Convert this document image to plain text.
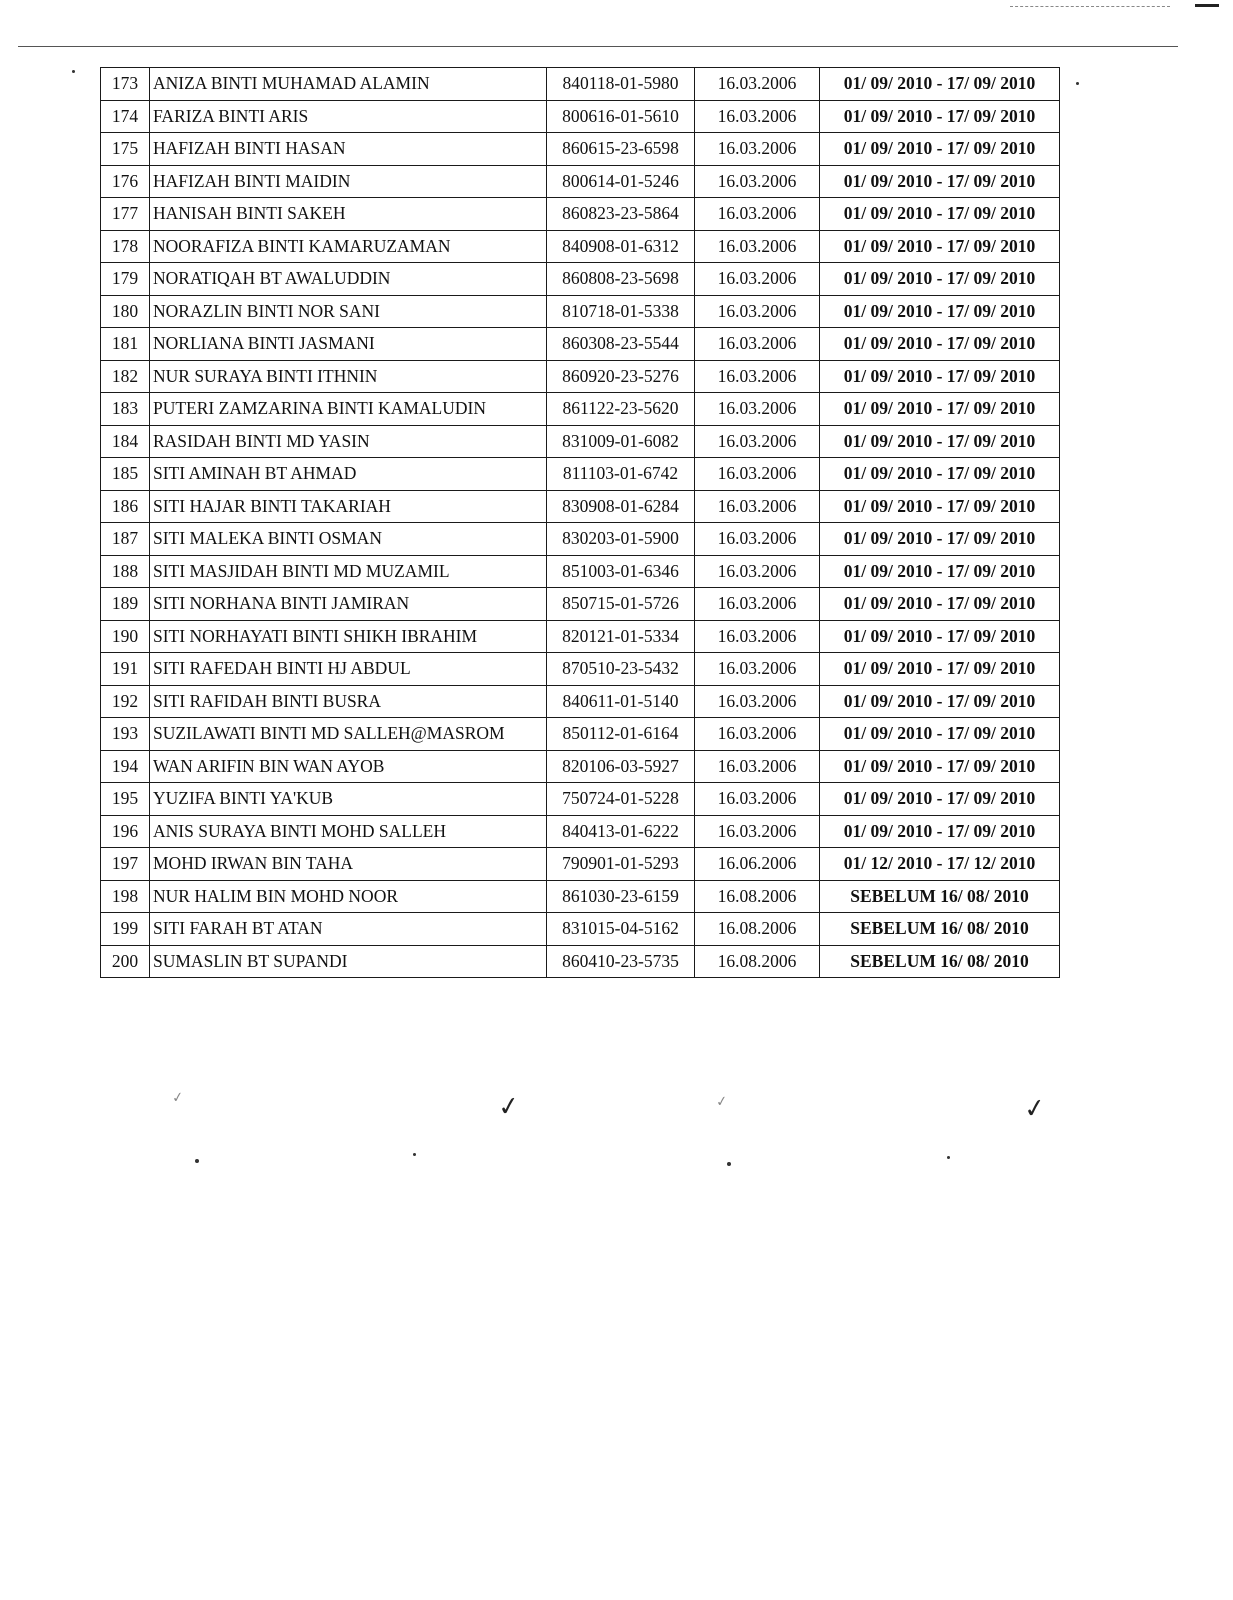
173	ANIZA BINTI MUHAMAD ALAMIN	840118-01-5980	16.03.2006	01/ 09/ 2010 - 17/ 09/ 2010
174	FARIZA BINTI ARIS	800616-01-5610	16.03.2006	01/ 09/ 2010 - 17/ 09/ 2010
175	HAFIZAH BINTI HASAN	860615-23-6598	16.03.2006	01/ 09/ 2010 - 17/ 09/ 2010
176	HAFIZAH BINTI MAIDIN	800614-01-5246	16.03.2006	01/ 09/ 2010 - 17/ 09/ 2010
177	HANISAH BINTI SAKEH	860823-23-5864	16.03.2006	01/ 09/ 2010 - 17/ 09/ 2010
178	NOORAFIZA BINTI KAMARUZAMAN	840908-01-6312	16.03.2006	01/ 09/ 2010 - 17/ 09/ 2010
179	NORATIQAH BT AWALUDDIN	860808-23-5698	16.03.2006	01/ 09/ 2010 - 17/ 09/ 2010
180	NORAZLIN BINTI NOR SANI	810718-01-5338	16.03.2006	01/ 09/ 2010 - 17/ 09/ 2010
181	NORLIANA BINTI JASMANI	860308-23-5544	16.03.2006	01/ 09/ 2010 - 17/ 09/ 2010
182	NUR SURAYA BINTI ITHNIN	860920-23-5276	16.03.2006	01/ 09/ 2010 - 17/ 09/ 2010
183	PUTERI ZAMZARINA BINTI KAMALUDIN	861122-23-5620	16.03.2006	01/ 09/ 2010 - 17/ 09/ 2010
184	RASIDAH BINTI MD YASIN	831009-01-6082	16.03.2006	01/ 09/ 2010 - 17/ 09/ 2010
185	SITI AMINAH BT AHMAD	811103-01-6742	16.03.2006	01/ 09/ 2010 - 17/ 09/ 2010
186	SITI HAJAR BINTI TAKARIAH	830908-01-6284	16.03.2006	01/ 09/ 2010 - 17/ 09/ 2010
187	SITI MALEKA BINTI OSMAN	830203-01-5900	16.03.2006	01/ 09/ 2010 - 17/ 09/ 2010
188	SITI MASJIDAH BINTI MD MUZAMIL	851003-01-6346	16.03.2006	01/ 09/ 2010 - 17/ 09/ 2010
189	SITI NORHANA BINTI JAMIRAN	850715-01-5726	16.03.2006	01/ 09/ 2010 - 17/ 09/ 2010
190	SITI NORHAYATI BINTI SHIKH IBRAHIM	820121-01-5334	16.03.2006	01/ 09/ 2010 - 17/ 09/ 2010
191	SITI RAFEDAH BINTI HJ ABDUL	870510-23-5432	16.03.2006	01/ 09/ 2010 - 17/ 09/ 2010
192	SITI RAFIDAH BINTI BUSRA	840611-01-5140	16.03.2006	01/ 09/ 2010 - 17/ 09/ 2010
193	SUZILAWATI BINTI MD SALLEH@MASROM	850112-01-6164	16.03.2006	01/ 09/ 2010 - 17/ 09/ 2010
194	WAN ARIFIN BIN WAN AYOB	820106-03-5927	16.03.2006	01/ 09/ 2010 - 17/ 09/ 2010
195	YUZIFA BINTI YA'KUB	750724-01-5228	16.03.2006	01/ 09/ 2010 - 17/ 09/ 2010
196	ANIS SURAYA BINTI MOHD SALLEH	840413-01-6222	16.03.2006	01/ 09/ 2010 - 17/ 09/ 2010
197	MOHD IRWAN BIN TAHA	790901-01-5293	16.06.2006	01/ 12/ 2010 - 17/ 12/ 2010
198	NUR HALIM BIN MOHD NOOR	861030-23-6159	16.08.2006	SEBELUM 16/ 08/ 2010
199	SITI FARAH BT ATAN	831015-04-5162	16.08.2006	SEBELUM 16/ 08/ 2010
200	SUMASLIN BT SUPANDI	860410-23-5735	16.08.2006	SEBELUM 16/ 08/ 2010
✓	✓	✓	✓
